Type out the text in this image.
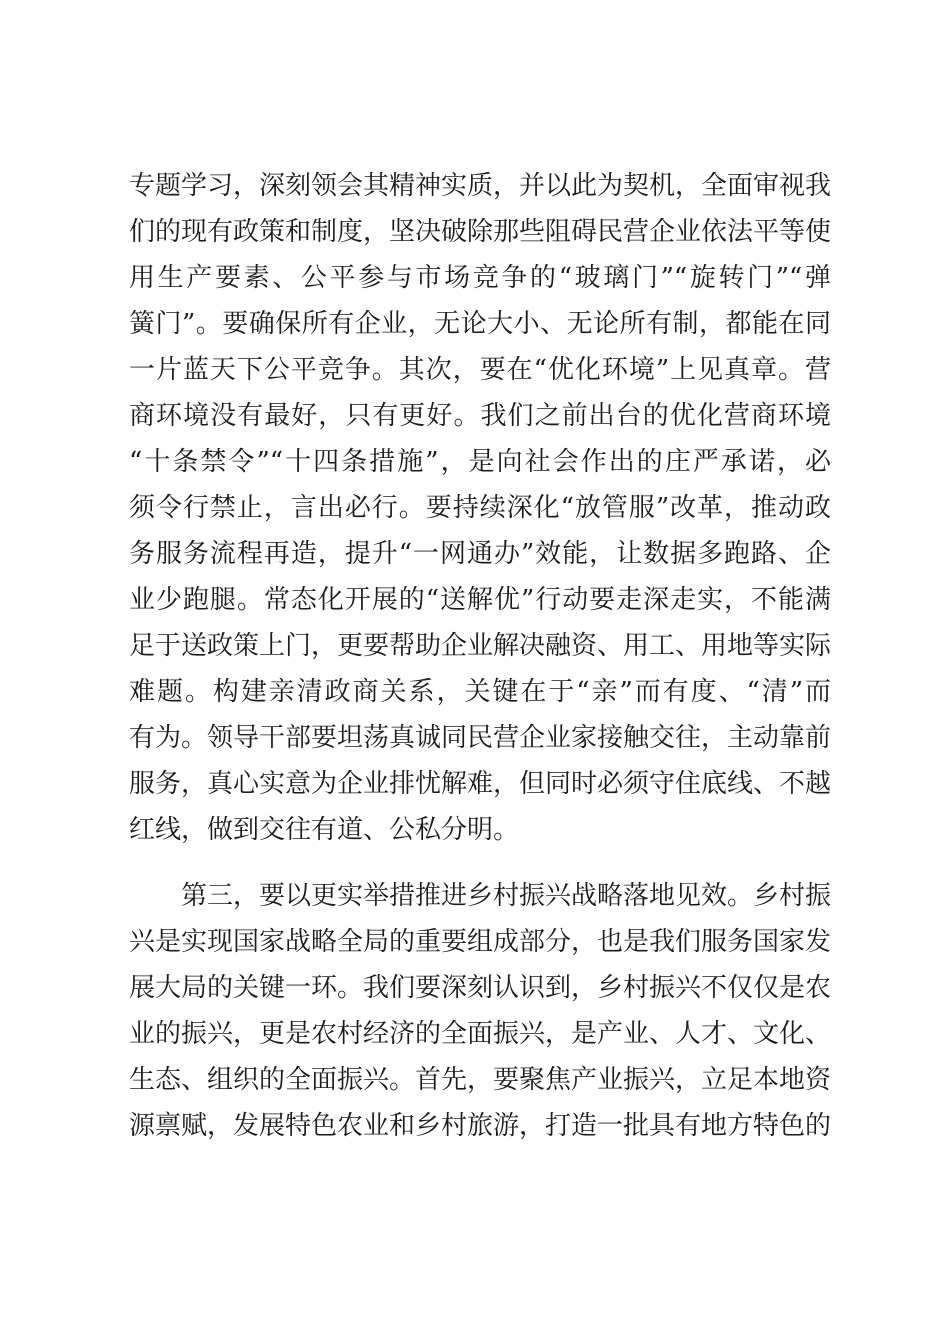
专题学习，深刻领会其精神实质，并以此为契机，全面审视我
们的现有政策和制度，坚决破除那些阻碍民营企业依法平等使
用生产要素、公平参与市场竞争的“玻璃门”“旋转门”“弹
簧门”。要确保所有企业，无论大小、无论所有制，都能在同
一片蓝天下公平竞争。其次，要在“优化环境”上见真章。营
商环境没有最好，只有更好。我们之前出台的优化营商环境
“十条禁令”“十四条措施”，是向社会作出的庄严承诺，必
须令行禁止，言出必行。要持续深化“放管服”改革，推动政
务服务流程再造，提升“一网通办”效能，让数据多跑路、企
业少跑腿。常态化开展的“送解优”行动要走深走实，不能满
足于送政策上门，更要帮助企业解决融资、用工、用地等实际
难题。构建亲清政商关系，关键在于“亲”而有度、“清”而
有为。领导干部要坦荡真诚同民营企业家接触交往，主动靠前
服务，真心实意为企业排忧解难，但同时必须守住底线、不越
红线，做到交往有道、公私分明。
第三，要以更实举措推进乡村振兴战略落地见效。乡村振
兴是实现国家战略全局的重要组成部分，也是我们服务国家发
展大局的关键一环。我们要深刻认识到，乡村振兴不仅仅是农
业的振兴，更是农村经济的全面振兴，是产业、人才、文化、
生态、组织的全面振兴。首先，要聚焦产业振兴，立足本地资
源禀赋，发展特色农业和乡村旅游，打造一批具有地方特色的
